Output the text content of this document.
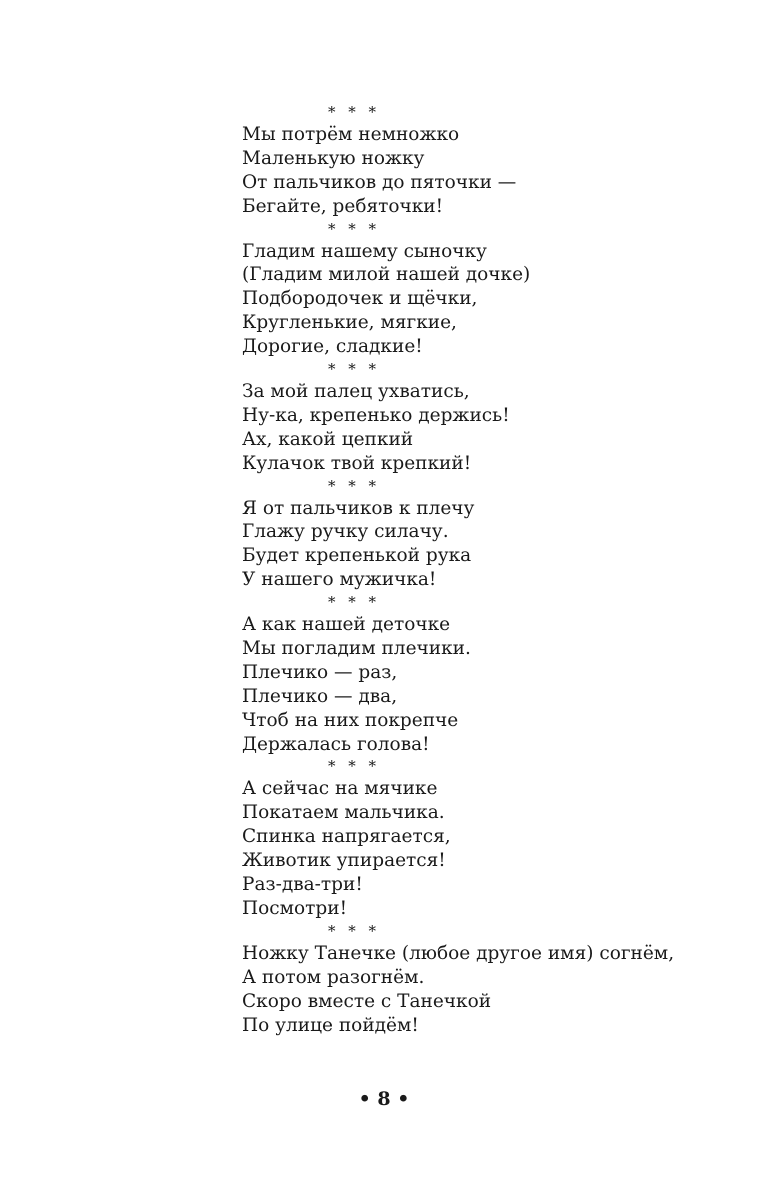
* * *
Мы потрём немножко
Маленькую ножку
От пальчиков до пяточки —
Бегайте, ребяточки!
* * *
Гладим нашему сыночку
(Гладим милой нашей дочке)
Подбородочек и щёчки,
Кругленькие, мягкие,
Дорогие, сладкие!
* * *
За мой палец ухватись,
Ну-ка, крепенько держись!
Ах, какой цепкий
Кулачок твой крепкий!
* * *
Я от пальчиков к плечу
Глажу ручку силачу.
Будет крепенькой рука
У нашего мужичка!
* * *
А как нашей деточке
Мы погладим плечики.
Плечико — раз,
Плечико — два,
Чтоб на них покрепче
Держалась голова!
* * *
А сейчас на мячике
Покатаем мальчика.
Спинка напрягается,
Животик упирается!
Раз-два-три!
Посмотри!
* * *
Ножку Танечке (любое другое имя) согнём,
А потом разогнём.
Скоро вместе с Танечкой
По улице пойдём!
• 8 •
